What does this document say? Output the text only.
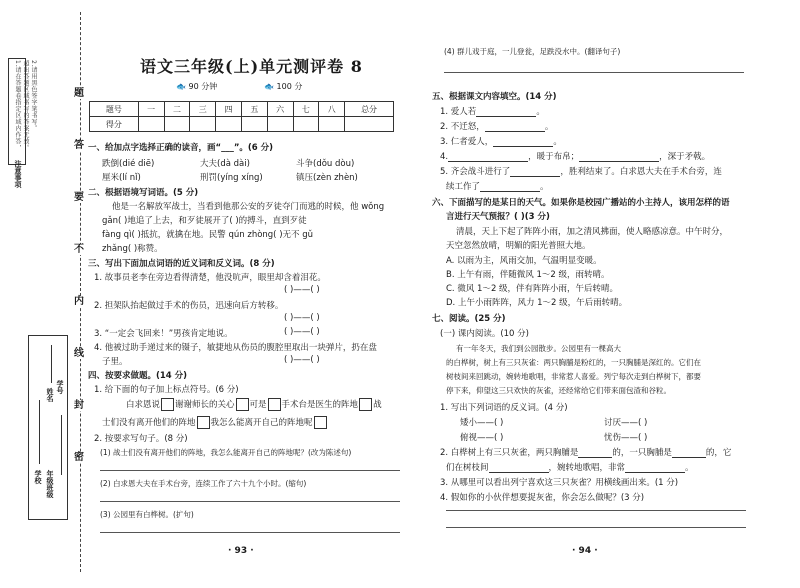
注意事项
1.请在答题卷指定区域内作答， 超出答题区域书写的答案无效。 2.请用黑色签字笔书写。	题
答
要
不
内
线
封
密
学校 年级班级
姓名
学号
语文三年级(上)单元测评卷 8
🐟 90 分钟	🐟 100 分
题号	一	二	三	四	五	六	七	八	总分
得分									
一、给加点字选择正确的读音，画“___”。(6 分)
跌倒(dié diē)	大夫(dà dài)	斗争(dǒu dòu)
厘米(lí nǐ)	刑罚(yíng xíng)	镇压(zèn zhèn)
二、根据语境写词语。(5 分)
他是一名解放军战士，当看到他那公安的歹徒夺门而逃的时候，他 wǒng
gǎn( )地追了上去，和歹徒展开了( )的搏斗，直到歹徒
fàng qì( )抵抗，就擒在地。民警 qún zhòng( )无不 gǔ
zhǎng( )称赞。
三、写出下面加点词语的近义词和反义词。(8 分)
1. 故事员老李在旁边看得清楚，他没吭声，眼里却含着泪花。
( )——( )
2. 担架队抬起做过手术的伤员，迅速向后方转移。
( )——( )
3. “一定会飞回来！”男孩肯定地说。	( )——( )
4. 他被过助手递过来的镊子，敏捷地从伤员的腹腔里取出一块弹片，扔在盘
子里。	( )——( )
四、按要求做题。(14 分)
1. 给下面的句子加上标点符号。(6 分)
白求恩说 谢谢师长的关心 可是 手术台是医生的阵地 战
士们没有离开他们的阵地 我怎么能离开自己的阵地呢
2. 按要求写句子。(8 分)
(1) 战士们没有离开他们的阵地，我怎么能离开自己的阵地呢？(改为陈述句)
(2) 白求恩大夫在手术台旁，连续工作了六十九个小时。(缩句)
(3) 公园里有白桦树。(扩句)
· 93 ·
(4) 群儿戏于庭，一儿登瓮，足跌没水中。(翻译句子)
五、根据课文内容填空。(14 分)
1. 爱人若	。
2. 不迁怒，	。
3. 仁者爱人，	。
4.	，暖于布帛；	，深于矛戟。
5. 齐会战斗进行了	，胜利结束了。白求恩大夫在手术台旁，连
续工作了	。
六、下面描写的是某日的天气。如果你是校园广播站的小主持人，该用怎样的语
言进行天气预报？( )(3 分)
清晨，天上下起了阵阵小雨，加之清风拂面，使人略感凉意。中午时分，
天空忽然放晴，明媚的阳光普照大地。
A. 以雨为主，风雨交加，气温明显变暖。
B. 上午有雨，伴随微风 1～2 级，雨转晴。
C. 微风 1～2 级，伴有阵阵小雨，午后转晴。
D. 上午小雨阵阵，风力 1～2 级，午后雨转晴。
七、阅读。(25 分)
(一) 课内阅读。(10 分)
有一年冬天，我们到公园散步。公园里有一棵高大
的白桦树，树上有三只灰雀：两只胸脯是粉红的，一只胸脯是深红的。它们在
树枝间来回跳动，婉转地歌唱，非常惹人喜爱。列宁每次走到白桦树下，都要
停下来，仰望这三只欢快的灰雀，还经常给它们带来面包渣和谷粒。
1. 写出下列词语的反义词。(4 分)
矮小——( )	讨厌——( )
俯视——( )	忧伤——( )
2. 白桦树上有三只灰雀，两只胸脯是	的，一只胸脯是	的，它
们在树枝间	，婉转地歌唱，非常	。
3. 从哪里可以看出列宁喜欢这三只灰雀？用横线画出来。(1 分)
4. 假如你的小伙伴想要捉灰雀，你会怎么做呢？(3 分)
· 94 ·
